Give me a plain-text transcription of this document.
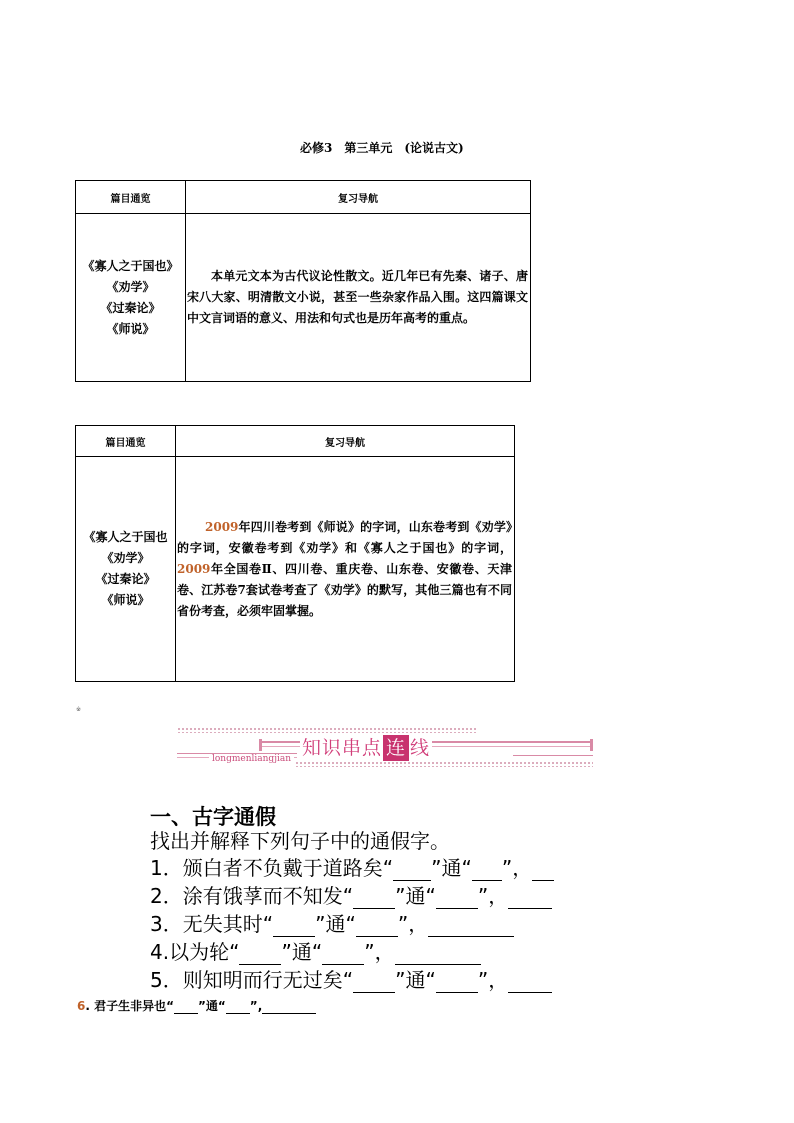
必修3　第三单元　(论说古文)
篇目通览	复习导航

《寡人之于国也》
《劝学》
《过秦论》
《师说》	本单元文本为古代议论性散文。近几年已有先秦、诸子、唐宋八大家、明清散文小说，甚至一些杂家作品入围。这四篇课文中文言词语的意义、用法和句式也是历年高考的重点。
篇目通览	复习导航

《寡人之于国也
《劝学》
《过秦论》
《师说》	2009年四川卷考到《师说》的字词，山东卷考到《劝学》的字词，安徽卷考到《劝学》和《寡人之于国也》的字词，2009年全国卷Ⅱ、四川卷、重庆卷、山东卷、安徽卷、天津卷、江苏卷7套试卷考查了《劝学》的默写，其他三篇也有不同省份考查，必须牢固掌握。
※
知识串点 连 线
longmenliangjian
一、古字通假
找出并解释下列句子中的通假字。
1．颁白者不负戴于道路矣“ ”通“ ”，
2．涂有饿莩而不知发“ ”通“ ”，
3．无失其时“ ”通“ ”，
4.以为轮“ ”通“ ”，
5．则知明而行无过矣“ ”通“ ”，
6. 君子生非异也“ ”通“ ”,
